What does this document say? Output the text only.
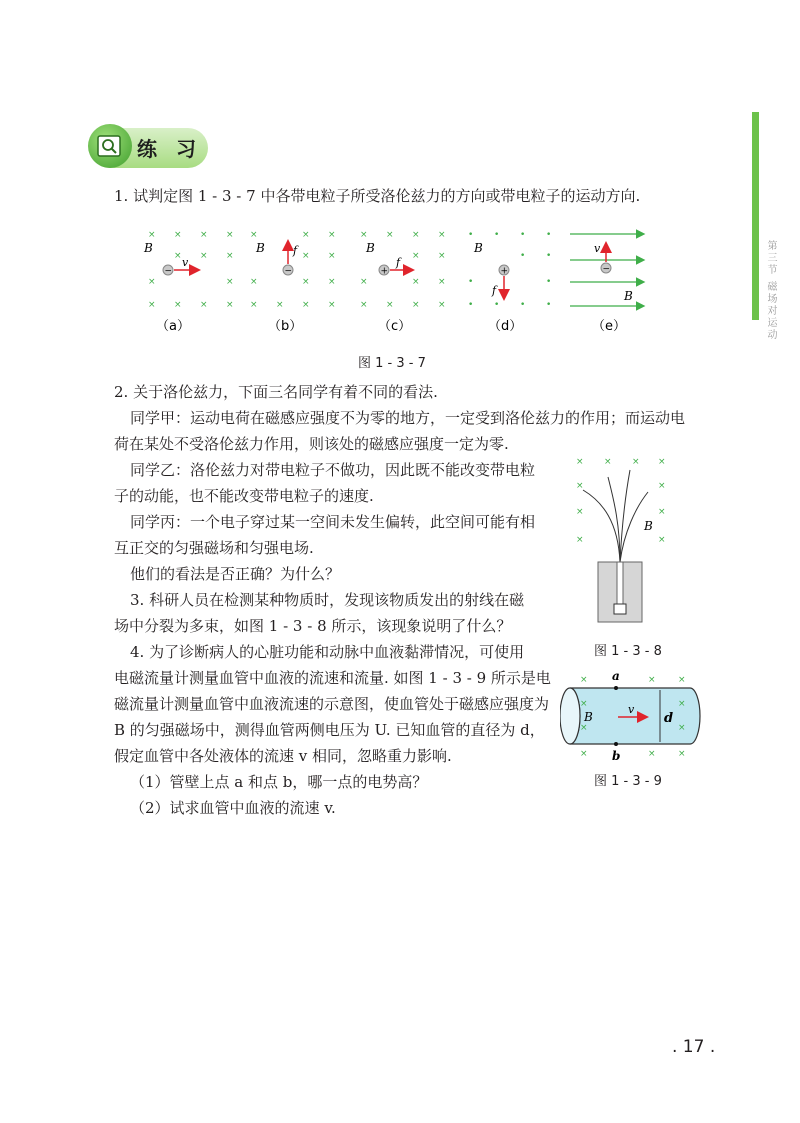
第三节 磁场对运动
练 习
1. 试判定图 1 - 3 - 7 中各带电粒子所受洛伦兹力的方向或带电粒子的运动方向.
× × × ×
× × ×
×	×
× × × ×
B
−
v
×	× ×
× ×
×	× ×
× × × ×
B
−
f
× × × ×
× ×
×	× ×
× × × ×
B
+
f
• • • •
• •
•	•
• • • •
B
+
f
v
−
B
（a）	（b）	（c）	（d）	（e）
图 1 - 3 - 7
2. 关于洛伦兹力，下面三名同学有着不同的看法.
同学甲：运动电荷在磁感应强度不为零的地方，一定受到洛伦兹力的作用；而运动电
荷在某处不受洛伦兹力作用，则该处的磁感应强度一定为零.
同学乙：洛伦兹力对带电粒子不做功，因此既不能改变带电粒
子的动能，也不能改变带电粒子的速度.
同学丙：一个电子穿过某一空间未发生偏转，此空间可能有相
互正交的匀强磁场和匀强电场.
他们的看法是否正确？为什么？
3. 科研人员在检测某种物质时，发现该物质发出的射线在磁
场中分裂为多束，如图 1 - 3 - 8 所示，该现象说明了什么？
× × × ×
×	×
×	×
×	×
B
图 1 - 3 - 8
4. 为了诊断病人的心脏功能和动脉中血液黏滞情况，可使用
电磁流量计测量血管中血液的流速和流量. 如图 1 - 3 - 9 所示是电
磁流量计测量血管中血液流速的示意图，使血管处于磁感应强度为
B 的匀强磁场中，测得血管两侧电压为 U. 已知血管的直径为 d，
假定血管中各处液体的流速 v 相同，忽略重力影响.
（1）管壁上点 a 和点 b，哪一点的电势高？
（2）试求血管中血液的流速 v.
a
×	× ×
×	×
×	×
×	× ×
B
v
d
b
图 1 - 3 - 9
. 17 .
